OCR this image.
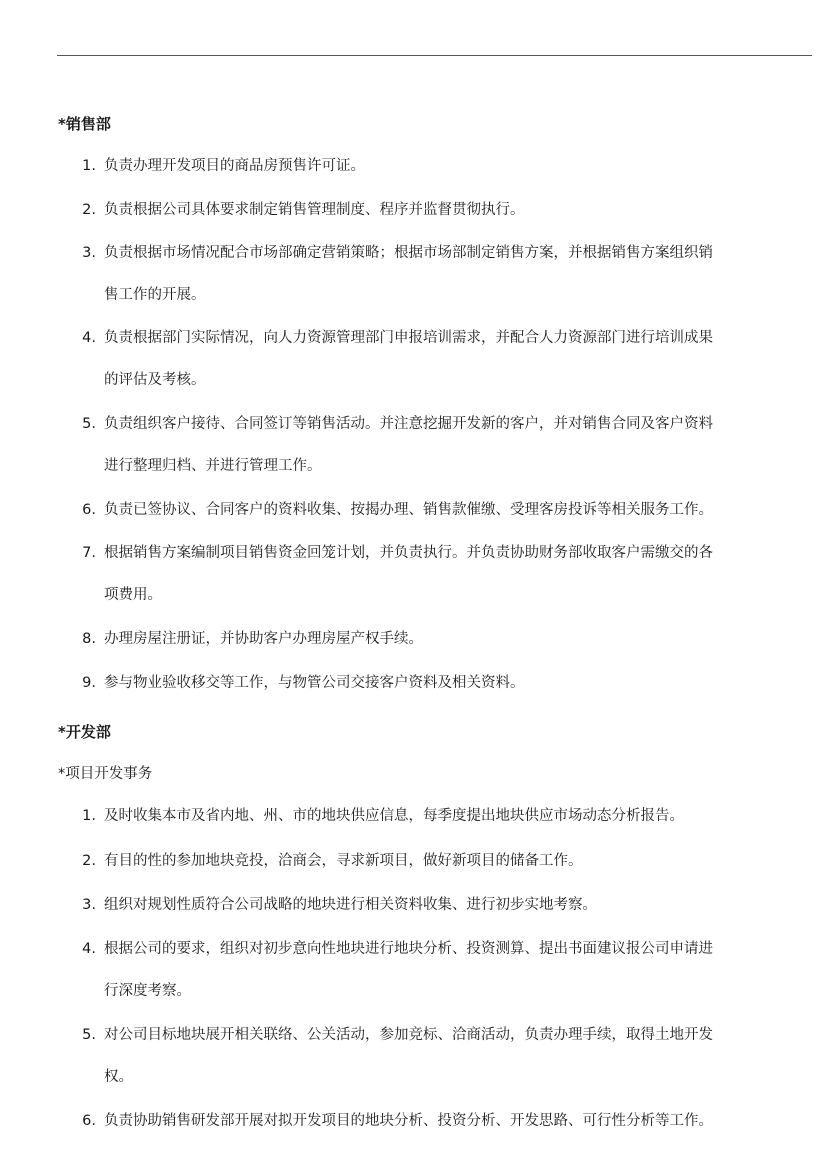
*销售部
1. 负责办理开发项目的商品房预售许可证。
2. 负责根据公司具体要求制定销售管理制度、程序并监督贯彻执行。
3. 负责根据市场情况配合市场部确定营销策略；根据市场部制定销售方案，并根据销售方案组织销
售工作的开展。
4. 负责根据部门实际情况，向人力资源管理部门申报培训需求，并配合人力资源部门进行培训成果
的评估及考核。
5. 负责组织客户接待、合同签订等销售活动。并注意挖掘开发新的客户，并对销售合同及客户资料
进行整理归档、并进行管理工作。
6. 负责已签协议、合同客户的资料收集、按揭办理、销售款催缴、受理客房投诉等相关服务工作。
7. 根据销售方案编制项目销售资金回笼计划，并负责执行。并负责协助财务部收取客户需缴交的各
项费用。
8. 办理房屋注册证，并协助客户办理房屋产权手续。
9. 参与物业验收移交等工作，与物管公司交接客户资料及相关资料。
*开发部
*项目开发事务
1. 及时收集本市及省内地、州、市的地块供应信息，每季度提出地块供应市场动态分析报告。
2. 有目的性的参加地块竞投，洽商会，寻求新项目，做好新项目的储备工作。
3. 组织对规划性质符合公司战略的地块进行相关资料收集、进行初步实地考察。
4. 根据公司的要求，组织对初步意向性地块进行地块分析、投资测算、提出书面建议报公司申请进
行深度考察。
5. 对公司目标地块展开相关联络、公关活动，参加竞标、洽商活动，负责办理手续，取得土地开发
权。
6. 负责协助销售研发部开展对拟开发项目的地块分析、投资分析、开发思路、可行性分析等工作。
